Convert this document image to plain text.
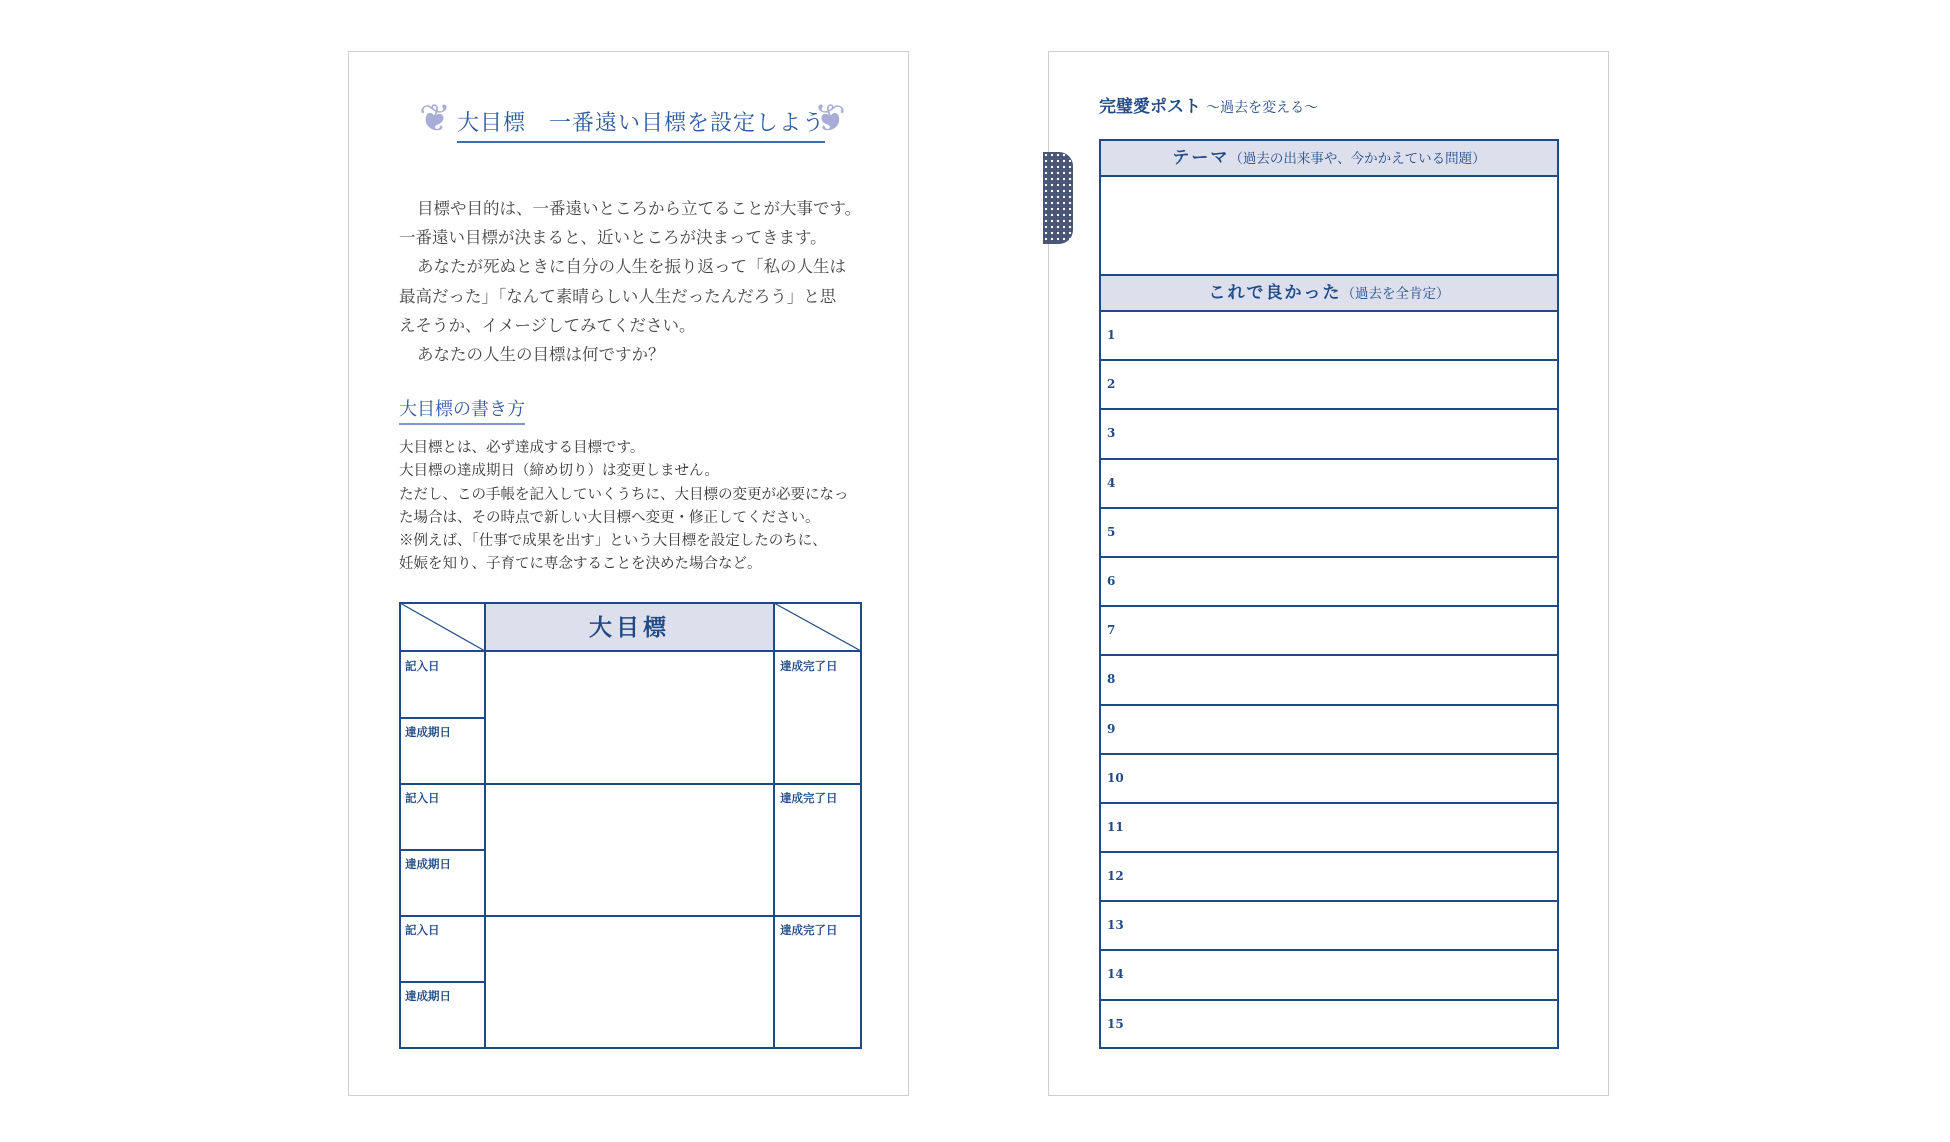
❦	❦
大目標　一番遠い目標を設定しよう
目標や目的は、一番遠いところから立てることが大事です。
一番遠い目標が決まると、近いところが決まってきます。
あなたが死ぬときに自分の人生を振り返って「私の人生は
最高だった」「なんて素晴らしい人生だったんだろう」と思
えそうか、イメージしてみてください。
あなたの人生の目標は何ですか？
大目標の書き方
大目標とは、必ず達成する目標です。
大目標の達成期日（締め切り）は変更しません。
ただし、この手帳を記入していくうちに、大目標の変更が必要になっ
た場合は、その時点で新しい大目標へ変更・修正してください。
※例えば、「仕事で成果を出す」という大目標を設定したのちに、
妊娠を知り、子育てに専念することを決めた場合など。
大目標
記入日
達成期日
達成完了日
記入日
達成期日
達成完了日
記入日
達成期日
達成完了日
完璧愛ポスト ～過去を変える～
テーマ（過去の出来事や、今かかえている問題）
これで良かった（過去を全肯定）
1
2
3
4
5
6
7
8
9
10
11
12
13
14
15
